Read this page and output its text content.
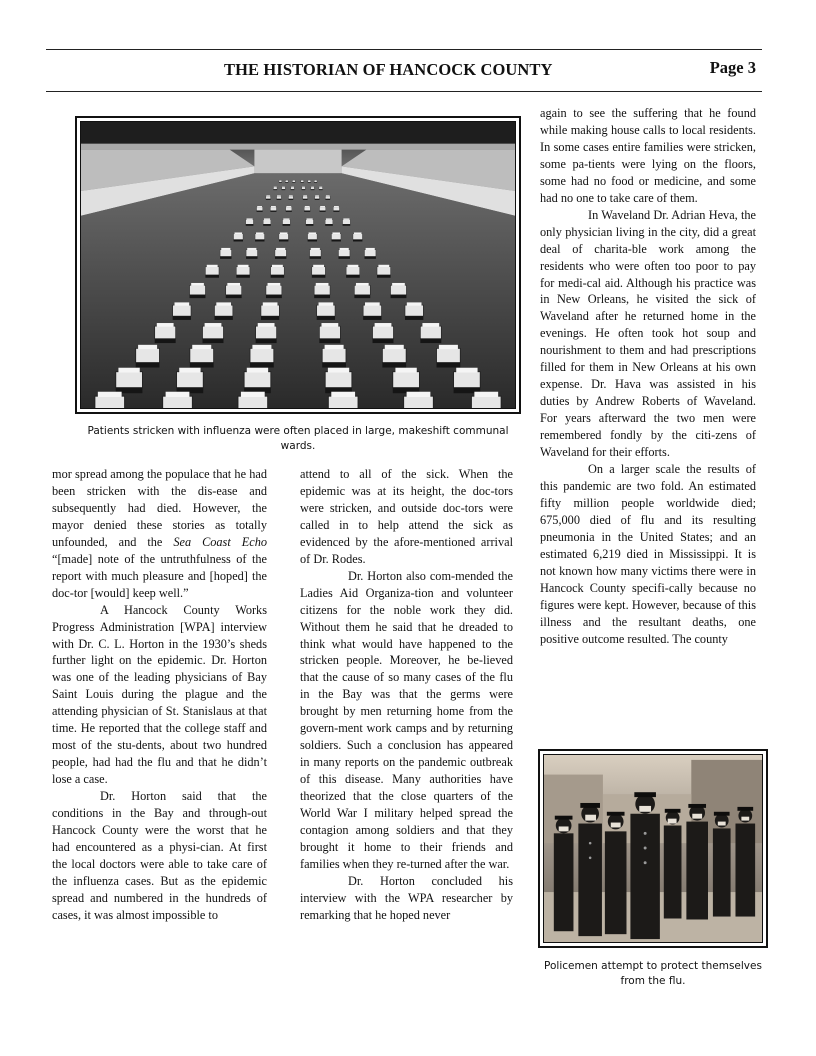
THE HISTORIAN OF HANCOCK COUNTY	Page 3
Patients stricken with influenza were often placed in large, makeshift communal wards.

mor spread among the populace that he had been stricken with the dis-ease and subsequently had died. However, the mayor denied these stories as totally unfounded, and the Sea Coast Echo “[made] note of the untruthfulness of the report with much pleasure and [hoped] the doc-tor [would] keep well.”

A Hancock County Works Progress Administration [WPA] interview with Dr. C. L. Horton in the 1930’s sheds further light on the epidemic. Dr. Horton was one of the leading physicians of Bay Saint Louis during the plague and the attending physician of St. Stanislaus at that time. He reported that the college staff and most of the stu-dents, about two hundred people, had had the flu and that he didn’t lose a case.

Dr. Horton said that the conditions in the Bay and through-out Hancock County were the worst that he had encountered as a physi-cian. At first the local doctors were able to take care of the influenza cases. But as the epidemic spread and numbered in the hundreds of cases, it was almost impossible to

attend to all of the sick. When the epidemic was at its height, the doc-tors were stricken, and outside doc-tors were called in to help attend the sick as evidenced by the afore-mentioned arrival of Dr. Rodes.

Dr. Horton also com-mended the Ladies Aid Organiza-tion and volunteer citizens for the noble work they did. Without them he said that he dreaded to think what would have happened to the stricken people. Moreover, he be-lieved that the cause of so many cases of the flu in the Bay was that the germs were brought by men returning home from the govern-ment work camps and by returning soldiers. Such a conclusion has appeared in many reports on the pandemic outbreak of this disease. Many authorities have theorized that the close quarters of the World War I military helped spread the contagion among soldiers and that they brought it home to their friends and families when they re-turned after the war.

Dr. Horton concluded his interview with the WPA researcher by remarking that he hoped never

again to see the suffering that he found while making house calls to local residents. In some cases entire families were stricken, some pa-tients were lying on the floors, some had no food or medicine, and some had no one to take care of them.

In Waveland Dr. Adrian Heva, the only physician living in the city, did a great deal of charita-ble work among the residents who were often too poor to pay for medi-cal aid. Although his practice was in New Orleans, he visited the sick of Waveland after he returned home in the evenings. He often took hot soup and nourishment to them and had prescriptions filled for them in New Orleans at his own expense. Dr. Hava was assisted in his duties by Andrew Roberts of Waveland. For years afterward the two men were remembered fondly by the citi-zens of Waveland for their efforts.

On a larger scale the results of this pandemic are two fold. An estimated fifty million people worldwide died; 675,000 died of flu and its resulting pneumonia in the United States; and an estimated 6,219 died in Mississippi. It is not known how many victims there were in Hancock County specifi-cally because no figures were kept. However, because of this illness and the resultant deaths, one positive outcome resulted. The county

Policemen attempt to protect themselves from the flu.
